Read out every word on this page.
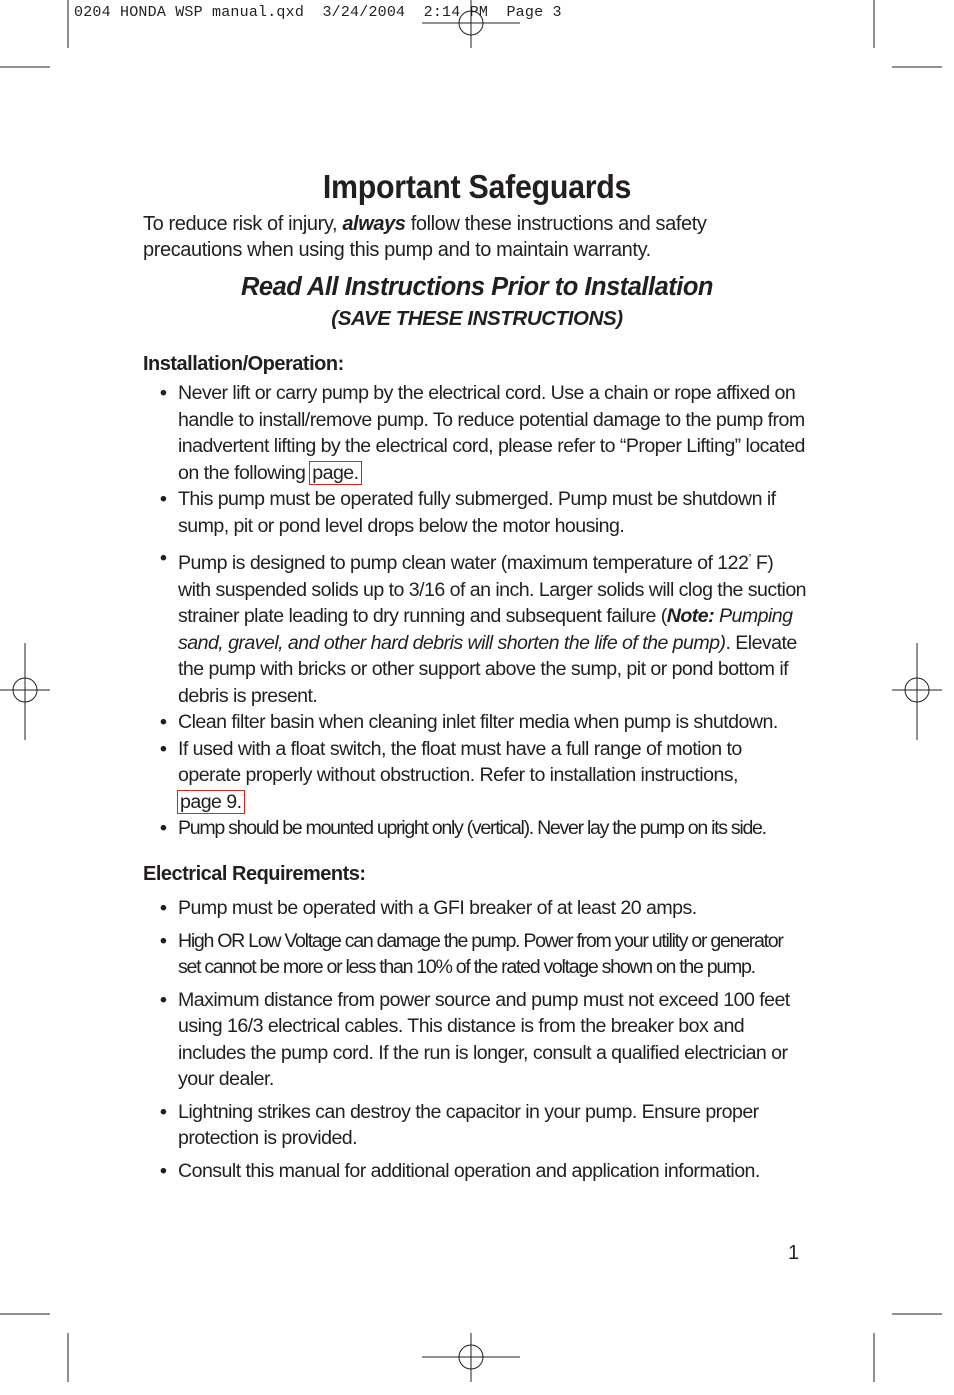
0204 HONDA WSP manual.qxd  3/24/2004  2:14 PM  Page 3
Important Safeguards
To reduce risk of injury, always follow these instructions and safety precautions when using this pump and to maintain warranty.
Read All Instructions Prior to Installation
(SAVE THESE INSTRUCTIONS)
Installation/Operation:
• Never lift or carry pump by the electrical cord. Use a chain or rope affixed on handle to install/remove pump. To reduce potential damage to the pump from inadvertent lifting by the electrical cord, please refer to “Proper Lifting” located on the following page.
• This pump must be operated fully submerged. Pump must be shutdown if sump, pit or pond level drops below the motor housing.
• Pump is designed to pump clean water (maximum temperature of 122° F) with suspended solids up to 3/16 of an inch. Larger solids will clog the suction strainer plate leading to dry running and subsequent failure (Note: Pumping sand, gravel, and other hard debris will shorten the life of the pump). Elevate the pump with bricks or other support above the sump, pit or pond bottom if debris is present.
• Clean filter basin when cleaning inlet filter media when pump is shutdown.
• If used with a float switch, the float must have a full range of motion to operate properly without obstruction. Refer to installation instructions,
page 9.
• Pump should be mounted upright only (vertical). Never lay the pump on its side.
Electrical Requirements:
• Pump must be operated with a GFI breaker of at least 20 amps.
• High OR Low Voltage can damage the pump. Power from your utility or generator set cannot be more or less than 10% of the rated voltage shown on the pump.
• Maximum distance from power source and pump must not exceed 100 feet using 16/3 electrical cables. This distance is from the breaker box and includes the pump cord. If the run is longer, consult a qualified electrician or your dealer.
• Lightning strikes can destroy the capacitor in your pump. Ensure proper protection is provided.
• Consult this manual for additional operation and application information.
1
